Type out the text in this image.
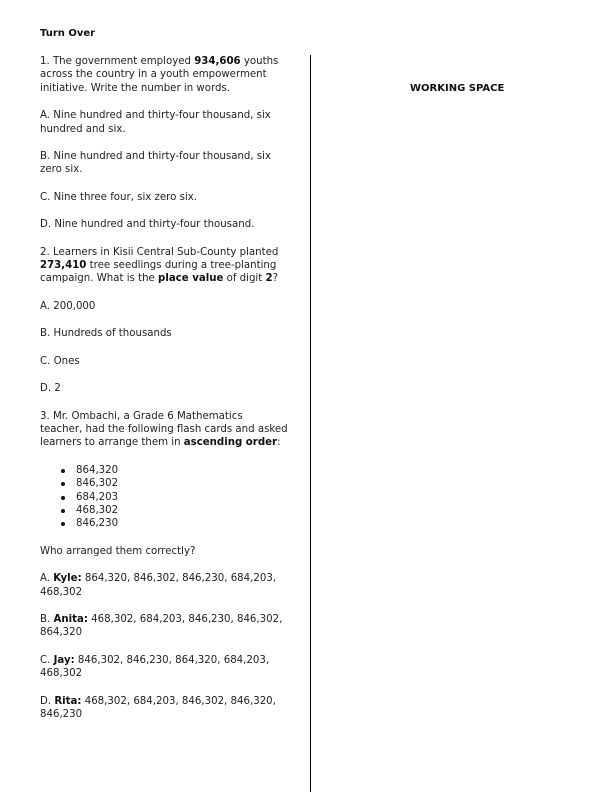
Turn Over
WORKING SPACE

1. The government employed 934,606 youths across the country in a youth empowerment initiative. Write the number in words.

A. Nine hundred and thirty-four thousand, six hundred and six.

B. Nine hundred and thirty-four thousand, six zero six.

C. Nine three four, six zero six.

D. Nine hundred and thirty-four thousand.

2. Learners in Kisii Central Sub-County planted 273,410 tree seedlings during a tree-planting campaign. What is the place value of digit 2?

A. 200,000

B. Hundreds of thousands

C. Ones

D. 2

3. Mr. Ombachi, a Grade 6 Mathematics teacher, had the following flash cards and asked learners to arrange them in ascending order:

864,320
846,302
684,203
468,302
846,230

Who arranged them correctly?

A. Kyle: 864,320, 846,302, 846,230, 684,203, 468,302

B. Anita: 468,302, 684,203, 846,230, 846,302, 864,320

C. Jay: 846,302, 846,230, 864,320, 684,203, 468,302

D. Rita: 468,302, 684,203, 846,302, 846,320, 846,230
